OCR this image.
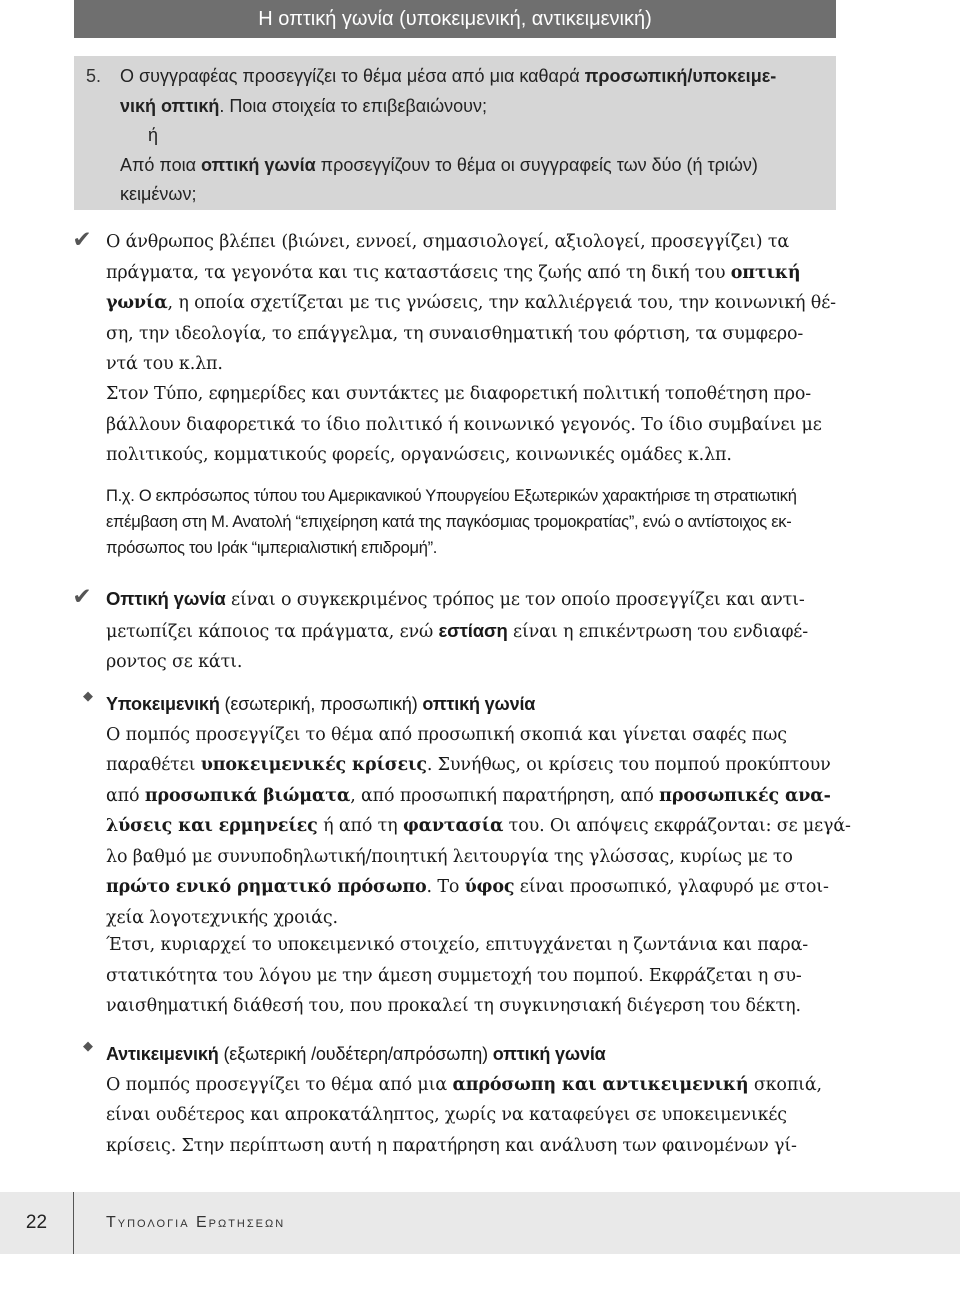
Η οπτική γωνία (υποκειμενική, αντικειμενική)
5. Ο συγγραφέας προσεγγίζει το θέμα μέσα από μια καθαρά προσωπική/υποκειμε-
νική οπτική. Ποια στοιχεία το επιβεβαιώνουν;
ή
Από ποια οπτική γωνία προσεγγίζουν το θέμα οι συγγραφείς των δύο (ή τριών)
κειμένων;
✔ Ο άνθρωπος βλέπει (βιώνει, εννοεί, σημασιολογεί, αξιολογεί, προσεγγίζει) τα
πράγματα, τα γεγονότα και τις καταστάσεις της ζωής από τη δική του οπτική
γωνία, η οποία σχετίζεται με τις γνώσεις, την καλλιέργειά του, την κοινωνική θέ-
ση, την ιδεολογία, το επάγγελμα, τη συναισθηματική του φόρτιση, τα συμφερο-
ντά του κ.λπ.
Στον Τύπο, εφημερίδες και συντάκτες με διαφορετική πολιτική τοποθέτηση προ-
βάλλουν διαφορετικά το ίδιο πολιτικό ή κοινωνικό γεγονός. Το ίδιο συμβαίνει με
πολιτικούς, κομματικούς φορείς, οργανώσεις, κοινωνικές ομάδες κ.λπ.
Π.χ. Ο εκπρόσωπος τύπου του Αμερικανικού Υπουργείου Εξωτερικών χαρακτήρισε τη στρατιωτική
επέμβαση στη Μ. Ανατολή “επιχείρηση κατά της παγκόσμιας τρομοκρατίας”, ενώ ο αντίστοιχος εκ-
πρόσωπος του Ιράκ “ιμπεριαλιστική επιδρομή”.
✔ Οπτική γωνία είναι ο συγκεκριμένος τρόπος με τον οποίο προσεγγίζει και αντι-
μετωπίζει κάποιος τα πράγματα, ενώ εστίαση είναι η επικέντρωση του ενδιαφέ-
ροντος σε κάτι.
◆ Υποκειμενική (εσωτερική, προσωπική) οπτική γωνία
Ο πομπός προσεγγίζει το θέμα από προσωπική σκοπιά και γίνεται σαφές πως
παραθέτει υποκειμενικές κρίσεις. Συνήθως, οι κρίσεις του πομπού προκύπτουν
από προσωπικά βιώματα, από προσωπική παρατήρηση, από προσωπικές ανα-
λύσεις και ερμηνείες ή από τη φαντασία του. Οι απόψεις εκφράζονται: σε μεγά-
λο βαθμό με συνυποδηλωτική/ποιητική λειτουργία της γλώσσας, κυρίως με το
πρώτο ενικό ρηματικό πρόσωπο. Το ύφος είναι προσωπικό, γλαφυρό με στοι-
χεία λογοτεχνικής χροιάς.
Έτσι, κυριαρχεί το υποκειμενικό στοιχείο, επιτυγχάνεται η ζωντάνια και παρα-
στατικότητα του λόγου με την άμεση συμμετοχή του πομπού. Εκφράζεται η συ-
ναισθηματική διάθεσή του, που προκαλεί τη συγκινησιακή διέγερση του δέκτη.
◆ Αντικειμενική (εξωτερική /ουδέτερη/απρόσωπη) οπτική γωνία
Ο πομπός προσεγγίζει το θέμα από μια απρόσωπη και αντικειμενική σκοπιά,
είναι ουδέτερος και απροκατάληπτος, χωρίς να καταφεύγει σε υποκειμενικές
κρίσεις. Στην περίπτωση αυτή η παρατήρηση και ανάλυση των φαινομένων γί-
22	Τυπολογια Ερωτησεων
